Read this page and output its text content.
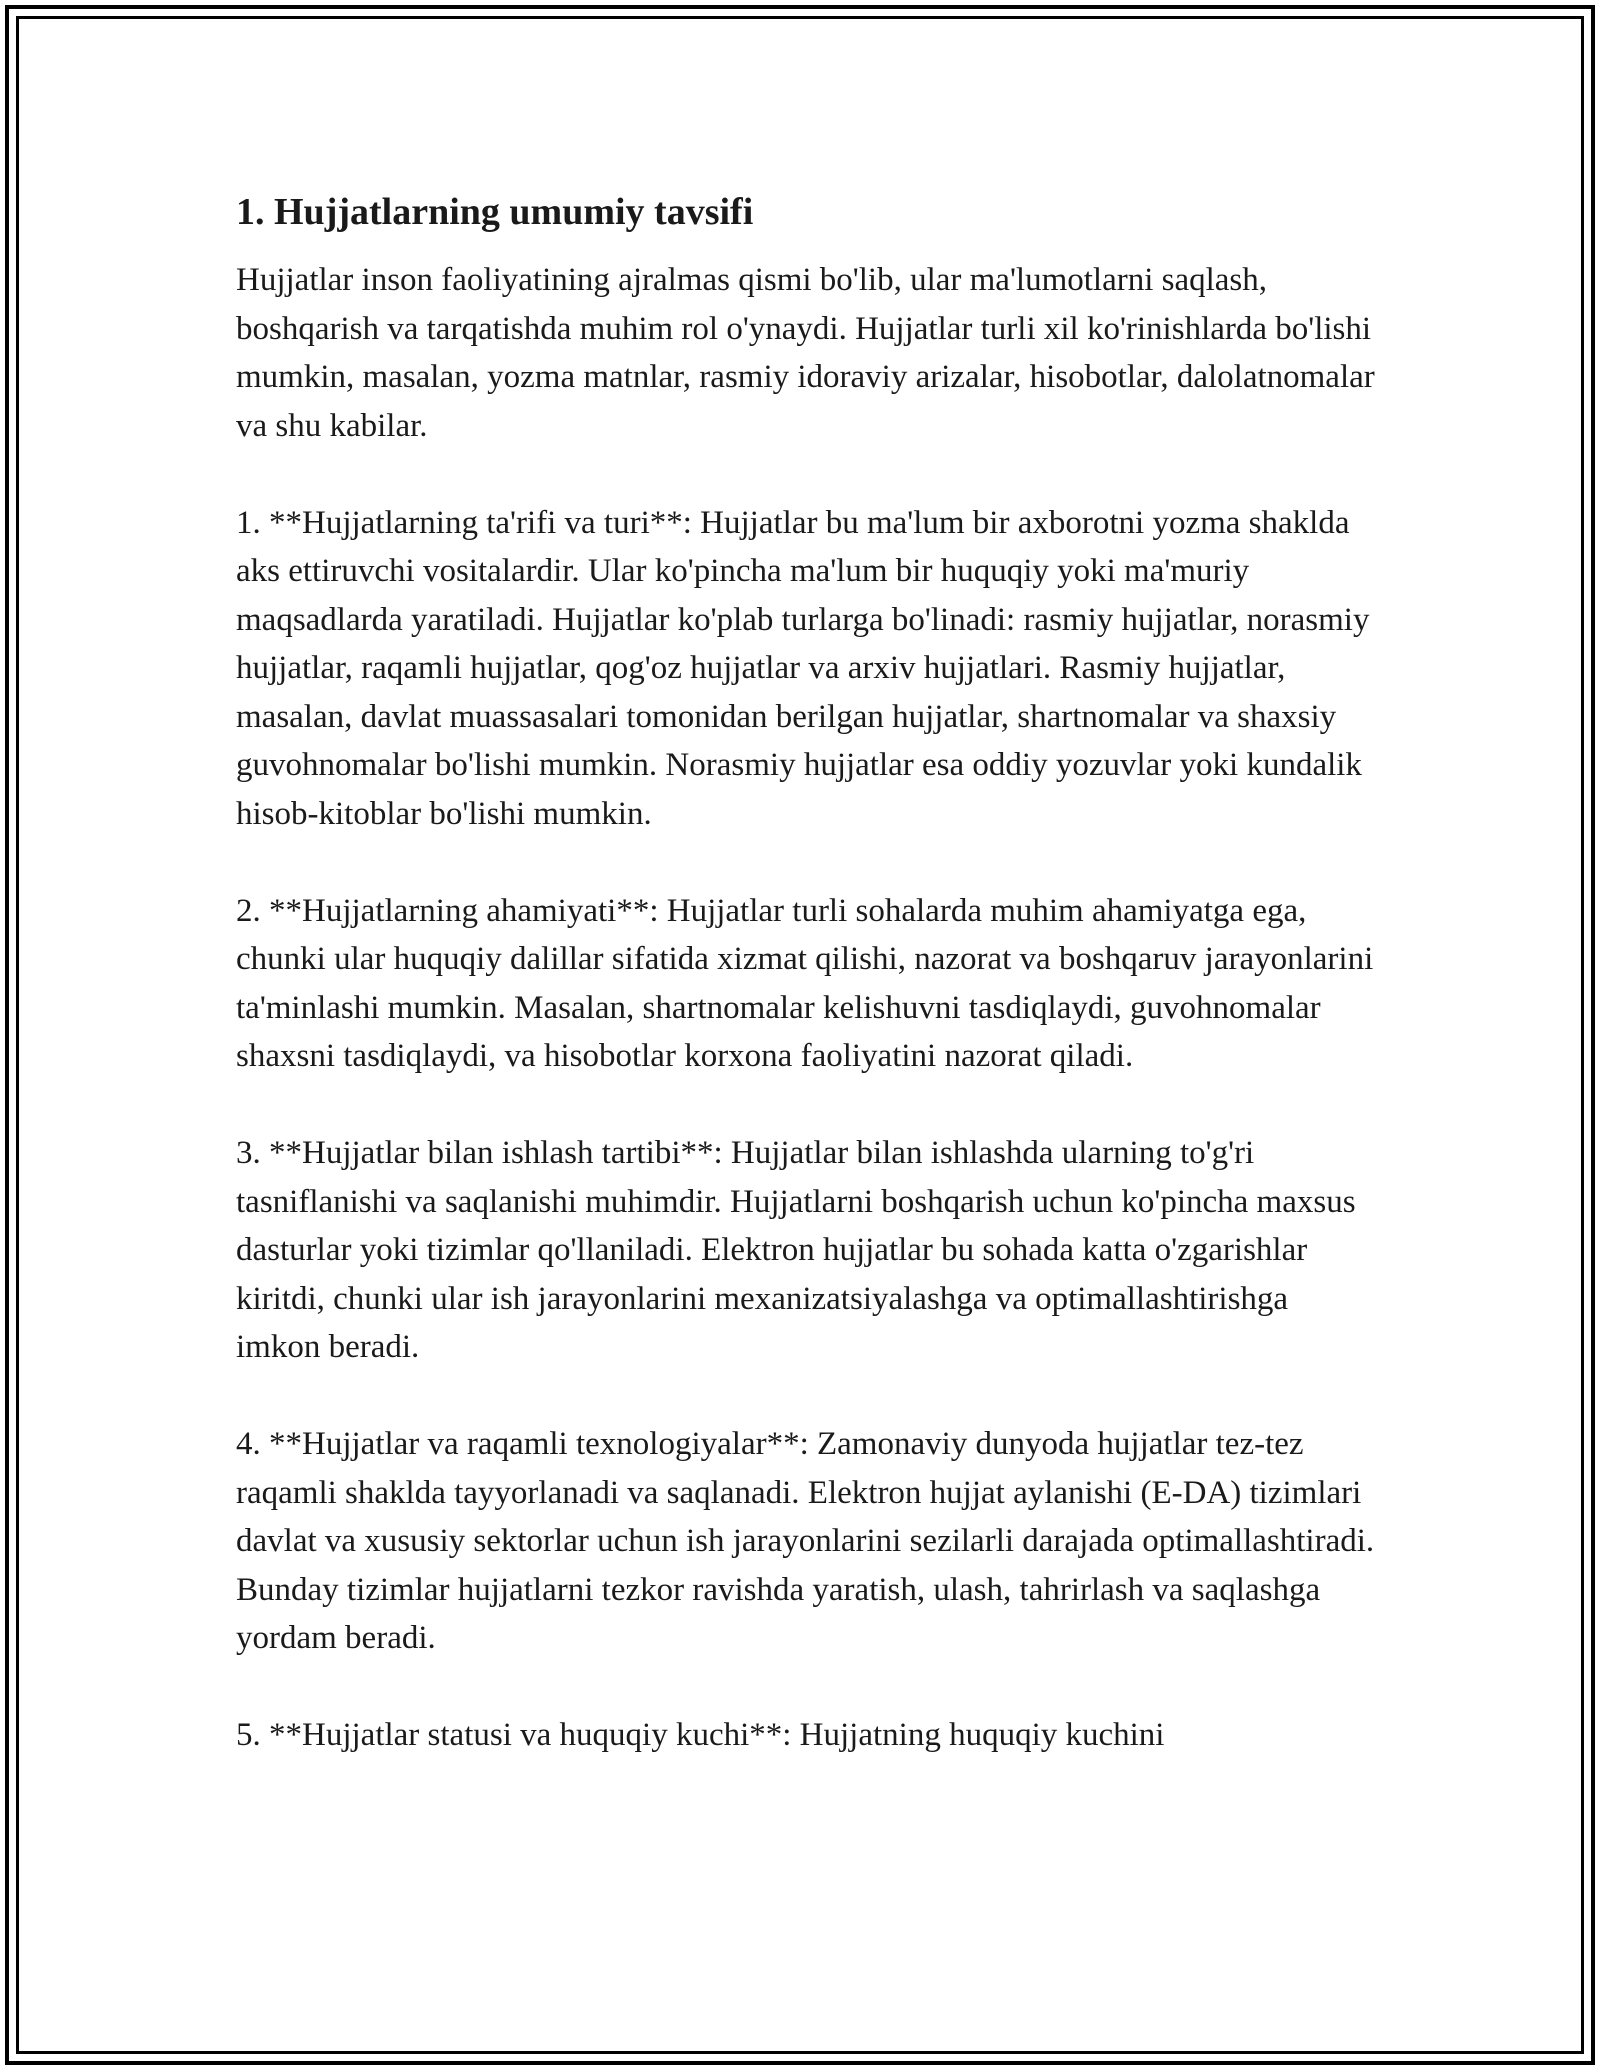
1. Hujjatlarning umumiy tavsifi

Hujjatlar inson faoliyatining ajralmas qismi bo'lib, ular ma'lumotlarni saqlash, boshqarish va tarqatishda muhim rol o'ynaydi. Hujjatlar turli xil ko'rinishlarda bo'lishi mumkin, masalan, yozma matnlar, rasmiy idoraviy arizalar, hisobotlar, dalolatnomalar va shu kabilar.

1. **Hujjatlarning ta'rifi va turi**: Hujjatlar bu ma'lum bir axborotni yozma shaklda aks ettiruvchi vositalardir. Ular ko'pincha ma'lum bir huquqiy yoki ma'muriy maqsadlarda yaratiladi. Hujjatlar ko'plab turlarga bo'linadi: rasmiy hujjatlar, norasmiy hujjatlar, raqamli hujjatlar, qog'oz hujjatlar va arxiv hujjatlari. Rasmiy hujjatlar, masalan, davlat muassasalari tomonidan berilgan hujjatlar, shartnomalar va shaxsiy guvohnomalar bo'lishi mumkin. Norasmiy hujjatlar esa oddiy yozuvlar yoki kundalik hisob-kitoblar bo'lishi mumkin.

2. **Hujjatlarning ahamiyati**: Hujjatlar turli sohalarda muhim ahamiyatga ega, chunki ular huquqiy dalillar sifatida xizmat qilishi, nazorat va boshqaruv jarayonlarini ta'minlashi mumkin. Masalan, shartnomalar kelishuvni tasdiqlaydi, guvohnomalar shaxsni tasdiqlaydi, va hisobotlar korxona faoliyatini nazorat qiladi.

3. **Hujjatlar bilan ishlash tartibi**: Hujjatlar bilan ishlashda ularning to'g'ri tasniflanishi va saqlanishi muhimdir. Hujjatlarni boshqarish uchun ko'pincha maxsus dasturlar yoki tizimlar qo'llaniladi. Elektron hujjatlar bu sohada katta o'zgarishlar kiritdi, chunki ular ish jarayonlarini mexanizatsiyalashga va optimallashtirishga imkon beradi.

4. **Hujjatlar va raqamli texnologiyalar**: Zamonaviy dunyoda hujjatlar tez-tez raqamli shaklda tayyorlanadi va saqlanadi. Elektron hujjat aylanishi (E-DA) tizimlari davlat va xususiy sektorlar uchun ish jarayonlarini sezilarli darajada optimallashtiradi. Bunday tizimlar hujjatlarni tezkor ravishda yaratish, ulash, tahrirlash va saqlashga yordam beradi.

5. **Hujjatlar statusi va huquqiy kuchi**: Hujjatning huquqiy kuchini
